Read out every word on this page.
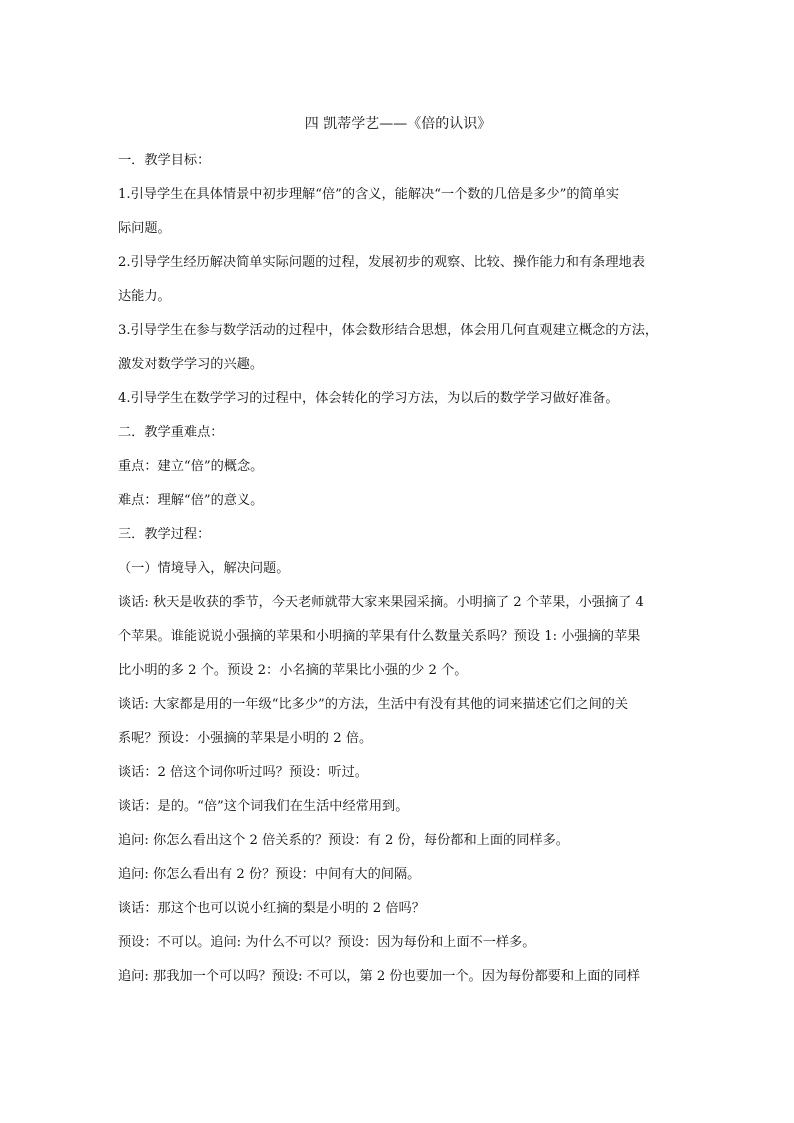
四 凯蒂学艺——《倍的认识》

一．教学目标：

1.引导学生在具体情景中初步理解“倍”的含义，能解决“一个数的几倍是多少”的简单实

际问题。

2.引导学生经历解决简单实际问题的过程，发展初步的观察、比较、操作能力和有条理地表

达能力。

3.引导学生在参与数学活动的过程中，体会数形结合思想，体会用几何直观建立概念的方法，

激发对数学学习的兴趣。

4.引导学生在数学学习的过程中，体会转化的学习方法，为以后的数学学习做好准备。

二．教学重难点：

重点：建立“倍”的概念。

难点：理解“倍”的意义。

三．教学过程：

（一）情境导入，解决问题。

谈话: 秋天是收获的季节，今天老师就带大家来果园采摘。小明摘了 2 个苹果，小强摘了 4

个苹果。谁能说说小强摘的苹果和小明摘的苹果有什么数量关系吗？预设 1: 小强摘的苹果

比小明的多 2 个。预设 2：小名摘的苹果比小强的少 2 个。

谈话: 大家都是用的一年级“比多少”的方法，生活中有没有其他的词来描述它们之间的关

系呢？预设：小强摘的苹果是小明的 2 倍。

谈话：2 倍这个词你听过吗？预设：听过。

谈话：是的。“倍”这个词我们在生活中经常用到。

追问: 你怎么看出这个 2 倍关系的？预设：有 2 份，每份都和上面的同样多。

追问: 你怎么看出有 2 份？预设：中间有大的间隔。

谈话：那这个也可以说小红摘的梨是小明的 2 倍吗？

预设：不可以。追问: 为什么不可以？预设：因为每份和上面不一样多。

追问: 那我加一个可以吗？预设: 不可以，第 2 份也要加一个。因为每份都要和上面的同样
